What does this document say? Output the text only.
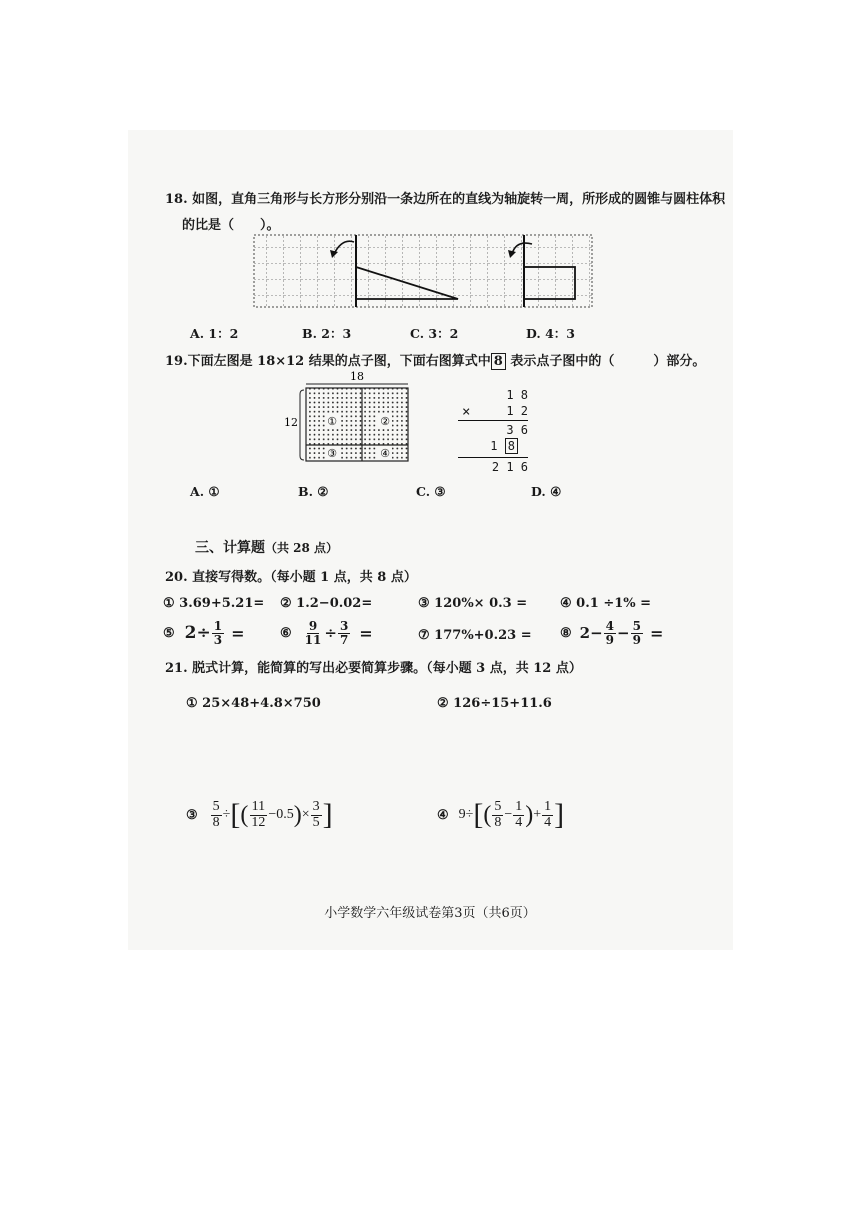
18. 如图，直角三角形与长方形分别沿一条边所在的直线为轴旋转一周，所形成的圆锥与圆柱体积
的比是（　　）。
A. 1：2	B. 2：3	C. 3：2	D. 4：3
19.下面左图是 18×12 结果的点子图，下面右图算式中 8 表示点子图中的（　　　）部分。
18
12	①	②
③	④
1 8
×	1 2
3 6
1 8
2 1 6
A. ①	B. ②	C. ③	D. ④
三、计算题（共 28 点）
20. 直接写得数。（每小题 1 点，共 8 点）
① 3.69+5.21= ② 1.2−0.02=	③ 120%× 0.3 =	④ 0.1 ÷1% =
⑤ $2\div \frac{1}{3}$ =	⑥ $\frac{9}{11} \div \frac{3}{7}$ =	⑦ 177%+0.23 = ⑧ $2- \frac{4}{9} - \frac{5}{9}$ =
21. 脱式计算，能简算的写出必要简算步骤。（每小题 3 点，共 12 点）
① 25×48+4.8×750	② 126÷15+11.6
③ $\frac{5}{8}$ ÷ [ ( $\frac{11}{12} -0.5$ ) × $\frac{3}{5}$ ]	④ 9÷ [ ( $\frac{5}{8} - \frac{1}{4}$ ) + $\frac{1}{4}$ ]
小学数学六年级试卷第3页（共6页）
